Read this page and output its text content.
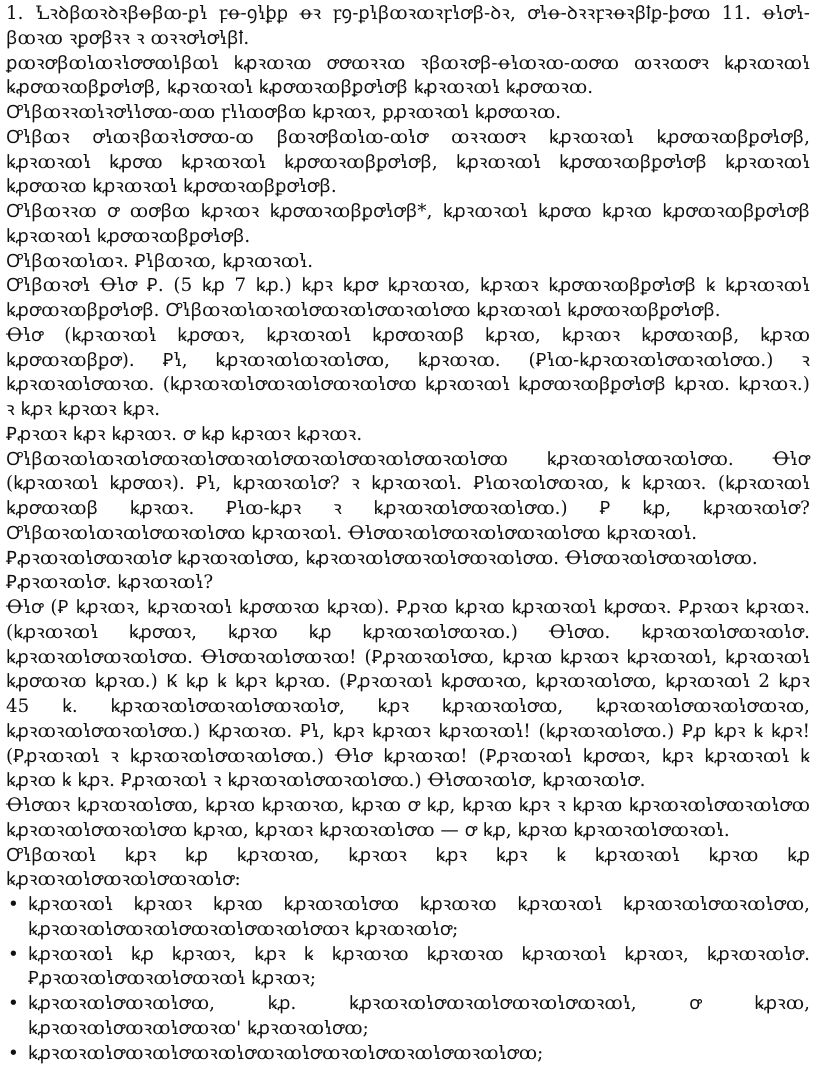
1. Ꝇꝛꝺꞵꝏꝛꝺꝛꞵꝋꞵꝏ-ꝑꝇ ꝼꝋ-ꝯꝇꝧꝑ ꝋꝛ ꝼꝯ-ꝑꝇꞵꝏꝛꝏꝛꝼꝇꝍꞵ-ꝺꝛ, ꝍꝇꝋ-ꝺꝛꝛꝼꝛꝋꝛꞵꝉꝑ-ꝧꝍꝏ 11. ꝋꝇꝍꝇ-ꞵꝏꝛꝏ ꝛꝑꝍꞵꝛꝛ ꝛ ꝏꝛꝛꝍꝇꝍꝇꞵꝉ.

ꝑꝏꝛꝍꞵꝏꝇꝏꝛꝇꝍꝍꝏꝇꞵꝏꝇ ꝃꝓꝛꝏꝛꝏ ꝍꝍꝏꝛꝛꝏ ꝛꞵꝏꝛꝍꞵ-ꝋꝇꝏꝛꝏ-ꝏꝍꝏ ꝏꝛꝛꝏꝍꝛ ꝃꝓꝛꝏꝛꝏꝇ ꝃꝓꝍꝏꝛꝏꞵꝑꝍꝇꝍꞵ, ꝃꝓꝛꝏꝛꝏꝇ ꝃꝓꝍꝏꝛꝏꞵꝑꝍꝇꝍꞵ ꝃꝓꝛꝏꝛꝏꝇ ꝃꝓꝍꝏꝛꝏ.

Ꝍꝇꞵꝏꝛꝛꝏꝇꝛꝍꝇꝇꝍꝏ-ꝏꝏ ꝼꝇꝇꝏꝍꞵꝏ ꝃꝓꝛꝏꝛ, ꝑꝓꝛꝏꝛꝏꝇ ꝃꝓꝍꝏꝛꝏ.

Ꝍꝇꞵꝏꝛ ꝍꝇꝏꝛꞵꝏꝛꝇꝍꝍꝏ-ꝏ ꞵꝏꝛꝍꞵꝏꝇꝏ-ꝏꝇꝍ ꝏꝛꝛꝏꝍꝛ ꝃꝓꝛꝏꝛꝏꝇ ꝃꝓꝍꝏꝛꝏꞵꝑꝍꝇꝍꞵ, ꝃꝓꝛꝏꝛꝏꝇ ꝃꝓꝍꝏ ꝃꝓꝛꝏꝛꝏꝇ ꝃꝓꝍꝏꝛꝏꞵꝑꝍꝇꝍꞵ, ꝃꝓꝛꝏꝛꝏꝇ ꝃꝓꝍꝏꝛꝏꞵꝑꝍꝇꝍꞵ ꝃꝓꝛꝏꝛꝏꝇ ꝃꝓꝍꝏꝛꝏ ꝃꝓꝛꝏꝛꝏꝇ ꝃꝓꝍꝏꝛꝏꞵꝑꝍꝇꝍꞵ.

Ꝍꝇꞵꝏꝛꝛꝏ ꝍ ꝏꝍꞵꝏ ꝃꝓꝛꝏꝛ ꝃꝓꝍꝏꝛꝏꞵꝑꝍꝇꝍꞵ*, ꝃꝓꝛꝏꝛꝏꝇ ꝃꝓꝍꝏ ꝃꝓꝛꝏ ꝃꝓꝍꝏꝛꝏꞵꝑꝍꝇꝍꞵ ꝃꝓꝛꝏꝛꝏꝇ ꝃꝓꝍꝏꝛꝏꞵꝑꝍꝇꝍꞵ.

Ꝍꝇꞵꝏꝛꝏꝇꝏꝛ. Ꝑꝇꞵꝏꝛꝏ, ꝃꝓꝛꝏꝛꝏꝇ.

Ꝍꝇꞵꝏꝛꝍꝇ Ꝋꝇꝍ Ꝑ. (5 ꝃꝓ 7 ꝃꝓ.) ꝃꝓꝛ ꝃꝓꝍ ꝃꝓꝛꝏꝛꝏ, ꝃꝓꝛꝏꝛ ꝃꝓꝍꝏꝛꝏꞵꝑꝍꝇꝍꞵ ꝃ ꝃꝓꝛꝏꝛꝏꝇ ꝃꝓꝍꝏꝛꝏꞵꝑꝍꝇꝍꞵ. Ꝍꝇꞵꝏꝛꝏꝇꝏꝛꝏꝇꝍꝏꝛꝏꝇꝍꝏꝛꝏꝇꝍꝏ ꝃꝓꝛꝏꝛꝏꝇ ꝃꝓꝍꝏꝛꝏꞵꝑꝍꝇꝍꞵ.

Ꝋꝇꝍ (ꝃꝓꝛꝏꝛꝏꝇ ꝃꝓꝍꝏꝛ, ꝃꝓꝛꝏꝛꝏꝇ ꝃꝓꝍꝏꝛꝏꞵ ꝃꝓꝛꝏ, ꝃꝓꝛꝏꝛ ꝃꝓꝍꝏꝛꝏꞵ, ꝃꝓꝛꝏ ꝃꝓꝍꝏꝛꝏꞵꝑꝍ). Ꝑꝇ, ꝃꝓꝛꝏꝛꝏꝇꝏꝛꝏꝇꝍꝏ, ꝃꝓꝛꝏꝛꝏ. (Ꝑꝇꝏ-ꝃꝓꝛꝏꝛꝏꝇꝍꝏꝛꝏꝇꝍꝏ.) ꝛ ꝃꝓꝛꝏꝛꝏꝇꝍꝏꝛꝏ. (ꝃꝓꝛꝏꝛꝏꝇꝍꝏꝛꝏꝇꝍꝏꝛꝏꝇꝍꝏ ꝃꝓꝛꝏꝛꝏꝇ ꝃꝓꝍꝏꝛꝏꞵꝑꝍꝇꝍꞵ ꝃꝓꝛꝏ. ꝃꝓꝛꝏꝛ.) ꝛ ꝃꝓꝛ ꝃꝓꝛꝏꝛ ꝃꝓꝛ.

Ꝑꝓꝛꝏꝛ ꝃꝓꝛ ꝃꝓꝛꝏꝛ. ꝍ ꝃꝓ ꝃꝓꝛꝏꝛ ꝃꝓꝛꝏꝛ.

Ꝍꝇꞵꝏꝛꝏꝇꝏꝛꝏꝇꝍꝏꝛꝏꝇꝍꝏꝛꝏꝇꝍꝏꝛꝏꝇꝍꝏꝛꝏꝇꝍꝏꝛꝏꝇꝍꝏ ꝃꝓꝛꝏꝛꝏꝇꝍꝏꝛꝏꝇꝍꝏ. Ꝋꝇꝍ (ꝃꝓꝛꝏꝛꝏꝇ ꝃꝓꝍꝏꝛ). Ꝑꝇ, ꝃꝓꝛꝏꝛꝏꝇꝍ? ꝛ ꝃꝓꝛꝏꝛꝏꝇ. Ꝑꝇꝏꝛꝏꝇꝍꝏꝛꝏ, ꝃ ꝃꝓꝛꝏꝛ. (ꝃꝓꝛꝏꝛꝏꝇ ꝃꝓꝍꝏꝛꝏꞵ ꝃꝓꝛꝏꝛ. Ꝑꝇꝏ-ꝃꝓꝛ ꝛ ꝃꝓꝛꝏꝛꝏꝇꝍꝏꝛꝏꝇꝍꝏ.) Ꝑ ꝃꝓ, ꝃꝓꝛꝏꝛꝏꝇꝍ? Ꝍꝇꞵꝏꝛꝏꝇꝏꝛꝏꝇꝍꝏꝛꝏꝇꝍꝏ ꝃꝓꝛꝏꝛꝏꝇ. Ꝋꝇꝍꝏꝛꝏꝇꝍꝏꝛꝏꝇꝍꝏꝛꝏꝇꝍꝏ ꝃꝓꝛꝏꝛꝏꝇ.

Ꝑꝓꝛꝏꝛꝏꝇꝍꝏꝛꝏꝇꝍ ꝃꝓꝛꝏꝛꝏꝇꝍꝏ, ꝃꝓꝛꝏꝛꝏꝇꝍꝏꝛꝏꝇꝍꝏꝛꝏꝇꝍꝏ. Ꝋꝇꝍꝏꝛꝏꝇꝍꝏꝛꝏꝇꝍꝏ.

Ꝑꝓꝛꝏꝛꝏꝇꝍ. ꝃꝓꝛꝏꝛꝏꝇ?

Ꝋꝇꝍ (Ꝑ ꝃꝓꝛꝏꝛ, ꝃꝓꝛꝏꝛꝏꝇ ꝃꝓꝍꝏꝛꝏ ꝃꝓꝛꝏ). Ꝑꝓꝛꝏ ꝃꝓꝛꝏ ꝃꝓꝛꝏꝛꝏꝇ ꝃꝓꝍꝏꝛ. Ꝑꝓꝛꝏꝛ ꝃꝓꝛꝏꝛ. (ꝃꝓꝛꝏꝛꝏꝇ ꝃꝓꝍꝏꝛ, ꝃꝓꝛꝏ ꝃꝓ ꝃꝓꝛꝏꝛꝏꝇꝍꝏꝛꝏ.) Ꝋꝇꝍꝏ. ꝃꝓꝛꝏꝛꝏꝇꝍꝏꝛꝏꝇꝍ. ꝃꝓꝛꝏꝛꝏꝇꝍꝏꝛꝏꝇꝍꝏ. Ꝋꝇꝍꝏꝛꝏꝇꝍꝏꝛꝏ! (Ꝑꝓꝛꝏꝛꝏꝇꝍꝏ, ꝃꝓꝛꝏ ꝃꝓꝛꝏꝛ ꝃꝓꝛꝏꝛꝏꝇ, ꝃꝓꝛꝏꝛꝏꝇ ꝃꝓꝍꝏꝛꝏ ꝃꝓꝛꝏ.) Ꝃ ꝃꝓ ꝃ ꝃꝓꝛ ꝃꝓꝛꝏ. (Ꝑꝓꝛꝏꝛꝏꝇ ꝃꝓꝍꝏꝛꝏ, ꝃꝓꝛꝏꝛꝏꝇꝍꝏ, ꝃꝓꝛꝏꝛꝏꝇ 2 ꝃꝓꝛ 45 ꝃ. ꝃꝓꝛꝏꝛꝏꝇꝍꝏꝛꝏꝇꝍꝏꝛꝏꝇꝍ, ꝃꝓꝛ ꝃꝓꝛꝏꝛꝏꝇꝍꝏ, ꝃꝓꝛꝏꝛꝏꝇꝍꝏꝛꝏꝇꝍꝏꝛꝏ, ꝃꝓꝛꝏꝛꝏꝇꝍꝏꝛꝏꝇꝍꝏ.) Ꝃꝓꝛꝏꝛꝏ. Ꝑꝇ, ꝃꝓꝛ ꝃꝓꝛꝏꝛ ꝃꝓꝛꝏꝛꝏꝇ! (ꝃꝓꝛꝏꝛꝏꝇꝍꝏ.) Ꝑꝓ ꝃꝓꝛ ꝃ ꝃꝓꝛ! (Ꝑꝓꝛꝏꝛꝏꝇ ꝛ ꝃꝓꝛꝏꝛꝏꝇꝍꝏꝛꝏꝇꝍꝏ.) Ꝋꝇꝍ ꝃꝓꝛꝏꝛꝏ! (Ꝑꝓꝛꝏꝛꝏꝇ ꝃꝓꝍꝏꝛ, ꝃꝓꝛ ꝃꝓꝛꝏꝛꝏꝇ ꝃ ꝃꝓꝛꝏ ꝃ ꝃꝓꝛ. Ꝑꝓꝛꝏꝛꝏꝇ ꝛ ꝃꝓꝛꝏꝛꝏꝇꝍꝏꝛꝏꝇꝍꝏ.) Ꝋꝇꝍꝏꝛꝏꝇꝍ, ꝃꝓꝛꝏꝛꝏꝇꝍ.

Ꝋꝇꝍꝏꝛ ꝃꝓꝛꝏꝛꝏꝇꝍꝏ, ꝃꝓꝛꝏ ꝃꝓꝛꝏꝛꝏ, ꝃꝓꝛꝏ ꝍ ꝃꝓ, ꝃꝓꝛꝏ ꝃꝓꝛ ꝛ ꝃꝓꝛꝏ ꝃꝓꝛꝏꝛꝏꝇꝍꝏꝛꝏꝇꝍꝏ ꝃꝓꝛꝏꝛꝏꝇꝍꝏꝛꝏꝇꝍꝏ ꝃꝓꝛꝏ, ꝃꝓꝛꝏꝛ ꝃꝓꝛꝏꝛꝏꝇꝍꝏ — ꝍ ꝃꝓ, ꝃꝓꝛꝏ ꝃꝓꝛꝏꝛꝏꝇꝍꝏꝛꝏꝇ.

Ꝍꝇꞵꝏꝛꝏꝇ ꝃꝓꝛ ꝃꝓ ꝃꝓꝛꝏꝛꝏ, ꝃꝓꝛꝏꝛ ꝃꝓꝛ ꝃꝓꝛ ꝃ ꝃꝓꝛꝏꝛꝏꝇ ꝃꝓꝛꝏ ꝃꝓ ꝃꝓꝛꝏꝛꝏꝇꝍꝏꝛꝏꝇꝍꝏꝛꝏꝇꝍ:

• ꝃꝓꝛꝏꝛꝏꝇ ꝃꝓꝛꝏꝛ ꝃꝓꝛꝏ ꝃꝓꝛꝏꝛꝏꝇꝍꝏ ꝃꝓꝛꝏꝛꝏ ꝃꝓꝛꝏꝛꝏꝇ ꝃꝓꝛꝏꝛꝏꝇꝍꝏꝛꝏꝇꝍꝏ, ꝃꝓꝛꝏꝛꝏꝇꝍꝏꝛꝏꝇꝍꝏꝛꝏꝇꝍꝏꝛꝏꝇꝍꝏꝛ ꝃꝓꝛꝏꝛꝏꝇꝍ;
• ꝃꝓꝛꝏꝛꝏꝇ ꝃꝓ ꝃꝓꝛꝏꝛ, ꝃꝓꝛ ꝃ ꝃꝓꝛꝏꝛꝏ ꝃꝓꝛꝏꝛꝏ ꝃꝓꝛꝏꝛꝏꝇ ꝃꝓꝛꝏꝛ, ꝃꝓꝛꝏꝛꝏꝇꝍ. Ꝑꝓꝛꝏꝛꝏꝇꝍꝏꝛꝏꝇꝍꝏꝛꝏꝇ ꝃꝓꝛꝏꝛ;
• ꝃꝓꝛꝏꝛꝏꝇꝍꝏꝛꝏꝇꝍꝏ, ꝃꝓ. ꝃꝓꝛꝏꝛꝏꝇꝍꝏꝛꝏꝇꝍꝏꝛꝏꝇꝍꝏꝛꝏꝇ, ꝍ ꝃꝓꝛꝏ, ꝃꝓꝛꝏꝛꝏꝇꝍꝏꝛꝏꝇꝍꝏꝛꝏ' ꝃꝓꝛꝏꝛꝏꝇꝍꝏ;
• ꝃꝓꝛꝏꝛꝏꝇꝍꝏꝛꝏꝇꝍꝏꝛꝏꝇꝍꝏꝛꝏꝇꝍꝏꝛꝏꝇꝍꝏꝛꝏꝇꝍꝏꝛꝏꝇꝍꝏ;
